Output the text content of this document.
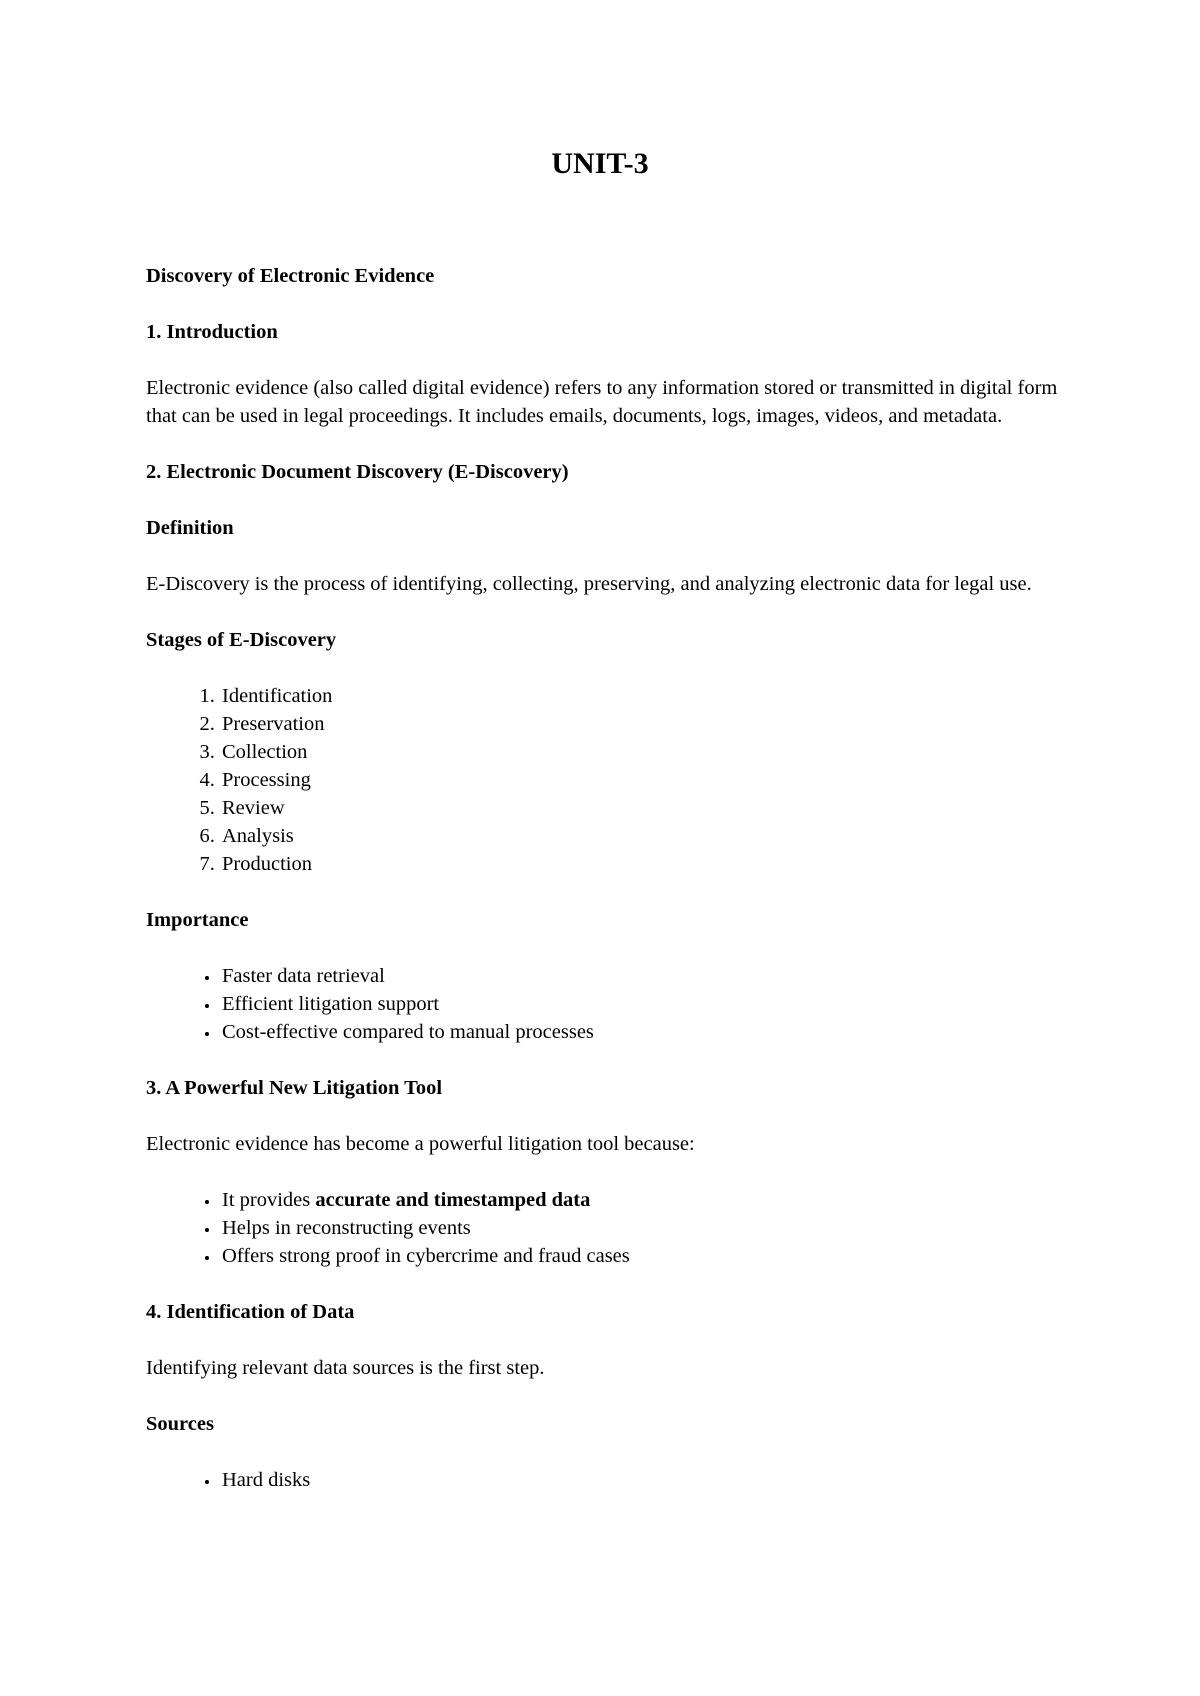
UNIT-3
Discovery of Electronic Evidence
1. Introduction

Electronic evidence (also called digital evidence) refers to any information stored or transmitted in digital form that can be used in legal proceedings. It includes emails, documents, logs, images, videos, and metadata.

2. Electronic Document Discovery (E-Discovery)
Definition

E-Discovery is the process of identifying, collecting, preserving, and analyzing electronic data for legal use.

Stages of E-Discovery
1. Identification
2. Preservation
3. Collection
4. Processing
5. Review
6. Analysis
7. Production
Importance
• Faster data retrieval
• Efficient litigation support
• Cost-effective compared to manual processes
3. A Powerful New Litigation Tool

Electronic evidence has become a powerful litigation tool because:

• It provides accurate and timestamped data
• Helps in reconstructing events
• Offers strong proof in cybercrime and fraud cases
4. Identification of Data

Identifying relevant data sources is the first step.

Sources
• Hard disks
